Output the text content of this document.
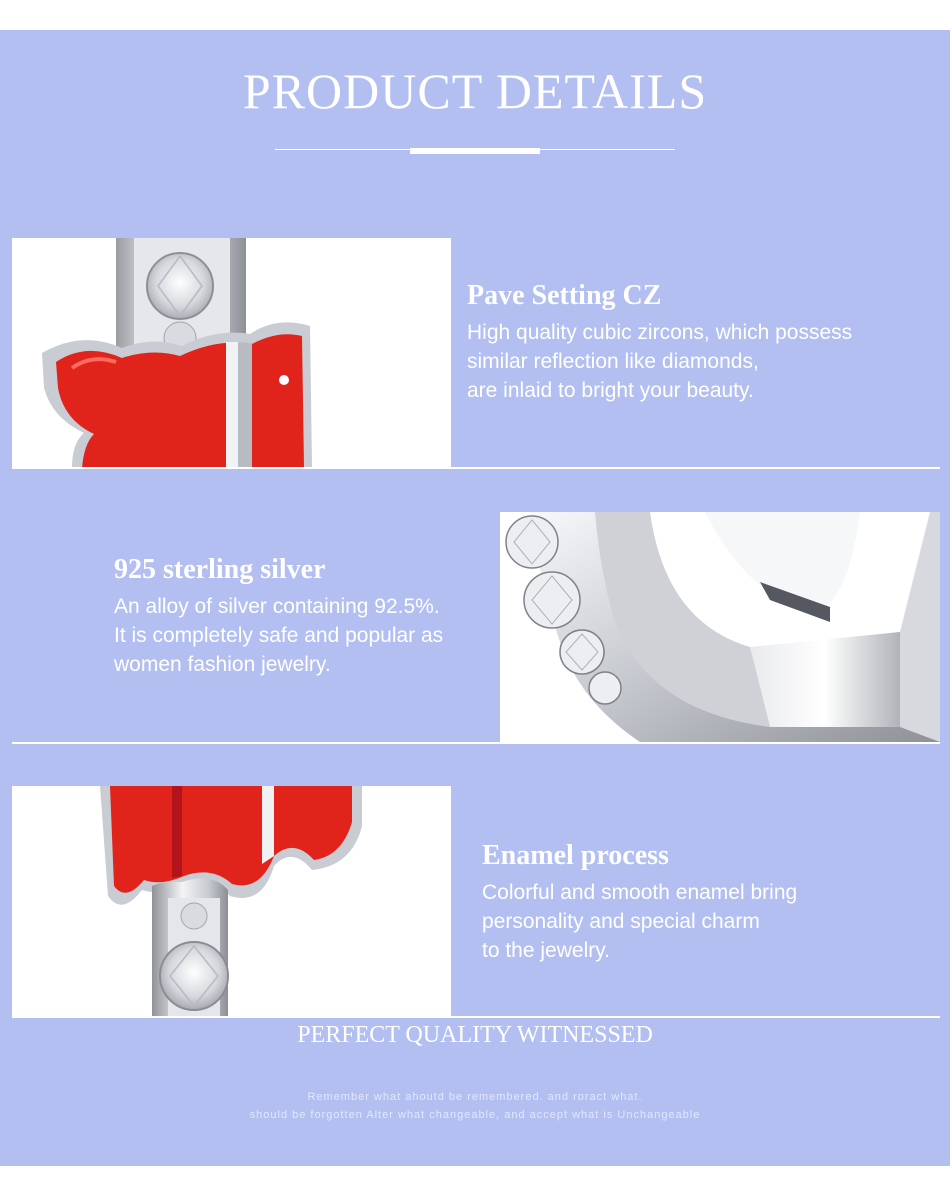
PRODUCT DETAILS
Pave Setting CZ

High quality cubic zircons, which possess

similar reflection like diamonds,

are inlaid to bright your beauty.

925 sterling silver

An alloy of silver containing 92.5%.

It is completely safe and popular as

women fashion jewelry.

Enamel process

Colorful and smooth enamel bring

personality and special charm

to the jewelry.

PERFECT QUALITY WITNESSED
Remember what ahoutd be remembered. and roract what.
should be forgotten Alter what changeable, and accept what is Unchangeable
